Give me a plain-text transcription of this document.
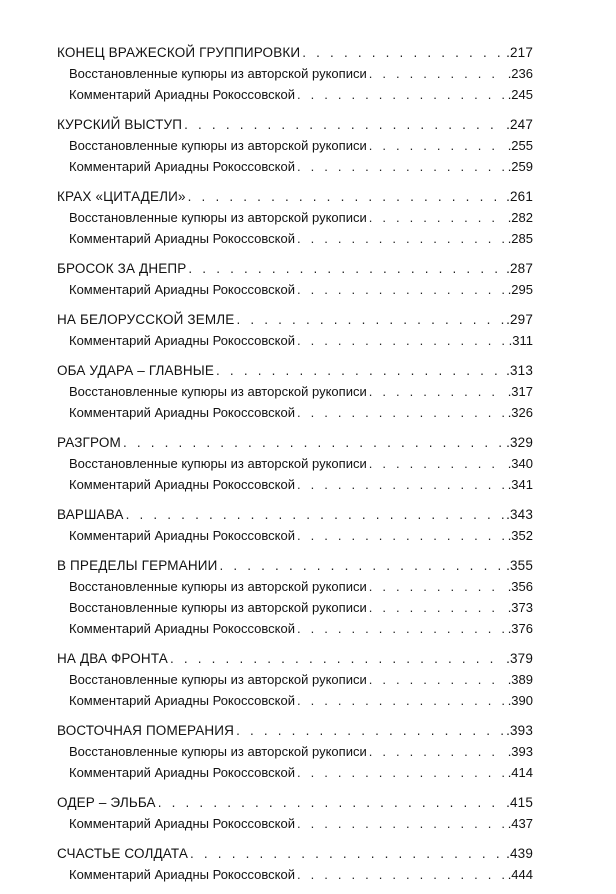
КОНЕЦ ВРАЖЕСКОЙ ГРУППИРОВКИ . . .	.217
Восстановленные купюры из авторской рукописи . . .	.236
Комментарий Ариадны Рокоссовской . . .	.245
КУРСКИЙ ВЫСТУП . . .	.247
Восстановленные купюры из авторской рукописи . . .	.255
Комментарий Ариадны Рокоссовской . . .	.259
КРАХ «ЦИТАДЕЛИ» . . .	.261
Восстановленные купюры из авторской рукописи . . .	.282
Комментарий Ариадны Рокоссовской . . .	.285
БРОСОК ЗА ДНЕПР . . .	.287
Комментарий Ариадны Рокоссовской . . .	.295
НА БЕЛОРУССКОЙ ЗЕМЛЕ . . .	.297
Комментарий Ариадны Рокоссовской . . .	.311
ОБА УДАРА – ГЛАВНЫЕ . . .	.313
Восстановленные купюры из авторской рукописи . . .	.317
Комментарий Ариадны Рокоссовской . . .	.326
РАЗГРОМ . . .	.329
Восстановленные купюры из авторской рукописи . . .	.340
Комментарий Ариадны Рокоссовской . . .	.341
ВАРШАВА . . .	.343
Комментарий Ариадны Рокоссовской . . .	.352
В ПРЕДЕЛЫ ГЕРМАНИИ . . .	.355
Восстановленные купюры из авторской рукописи . . .	.356
Восстановленные купюры из авторской рукописи . . .	.373
Комментарий Ариадны Рокоссовской . . .	.376
НА ДВА ФРОНТА . . .	.379
Восстановленные купюры из авторской рукописи . . .	.389
Комментарий Ариадны Рокоссовской . . .	.390
ВОСТОЧНАЯ ПОМЕРАНИЯ . . .	.393
Восстановленные купюры из авторской рукописи . . .	.393
Комментарий Ариадны Рокоссовской . . .	.414
ОДЕР – ЭЛЬБА . . .	.415
Комментарий Ариадны Рокоссовской . . .	.437
СЧАСТЬЕ СОЛДАТА . . .	.439
Комментарий Ариадны Рокоссовской . . .	.444
